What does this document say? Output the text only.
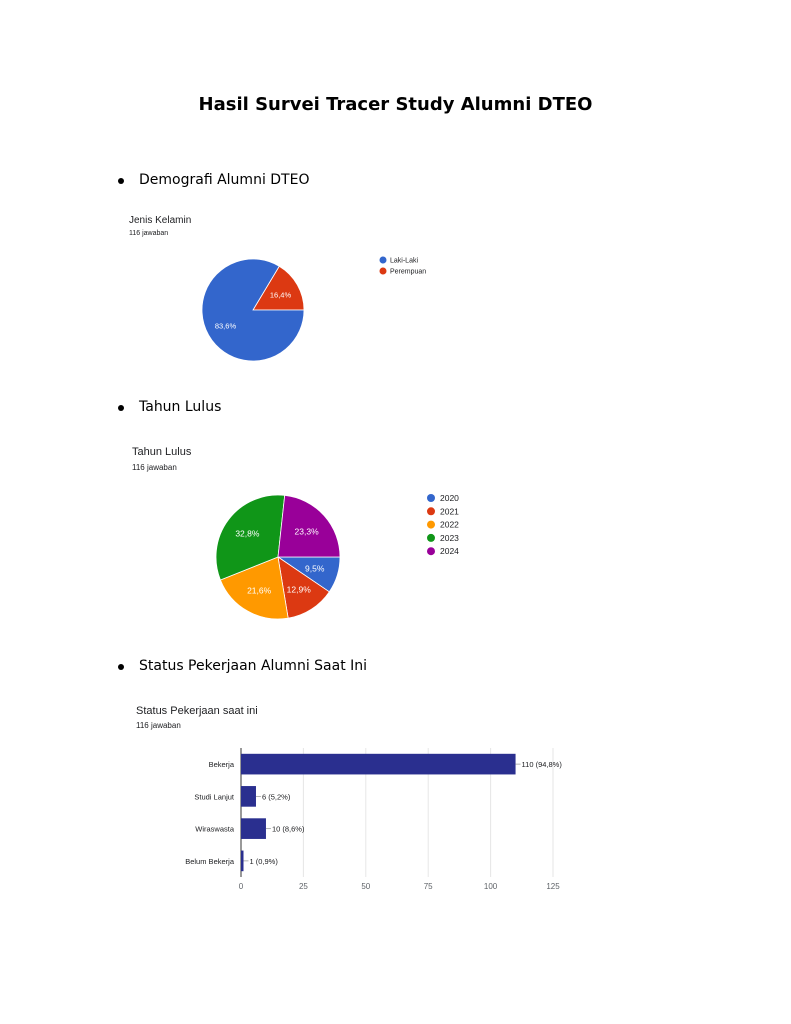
Hasil Survei Tracer Study Alumni DTEO
Demografi Alumni DTEO
Jenis Kelamin
116 jawaban
16,4%
83,6%
Laki-Laki
Perempuan
Tahun Lulus
Tahun Lulus
116 jawaban
9,5%
12,9%
21,6%
32,8%	23,3%
2020
2021
2022
2023
2024
Status Pekerjaan Alumni Saat Ini
Status Pekerjaan saat ini
116 jawaban
0	25	50	75	100	125
Bekerja	110 (94,8%)
Studi Lanjut	6 (5,2%)
Wiraswasta	10 (8,6%)
Belum Bekerja 1 (0,9%)
